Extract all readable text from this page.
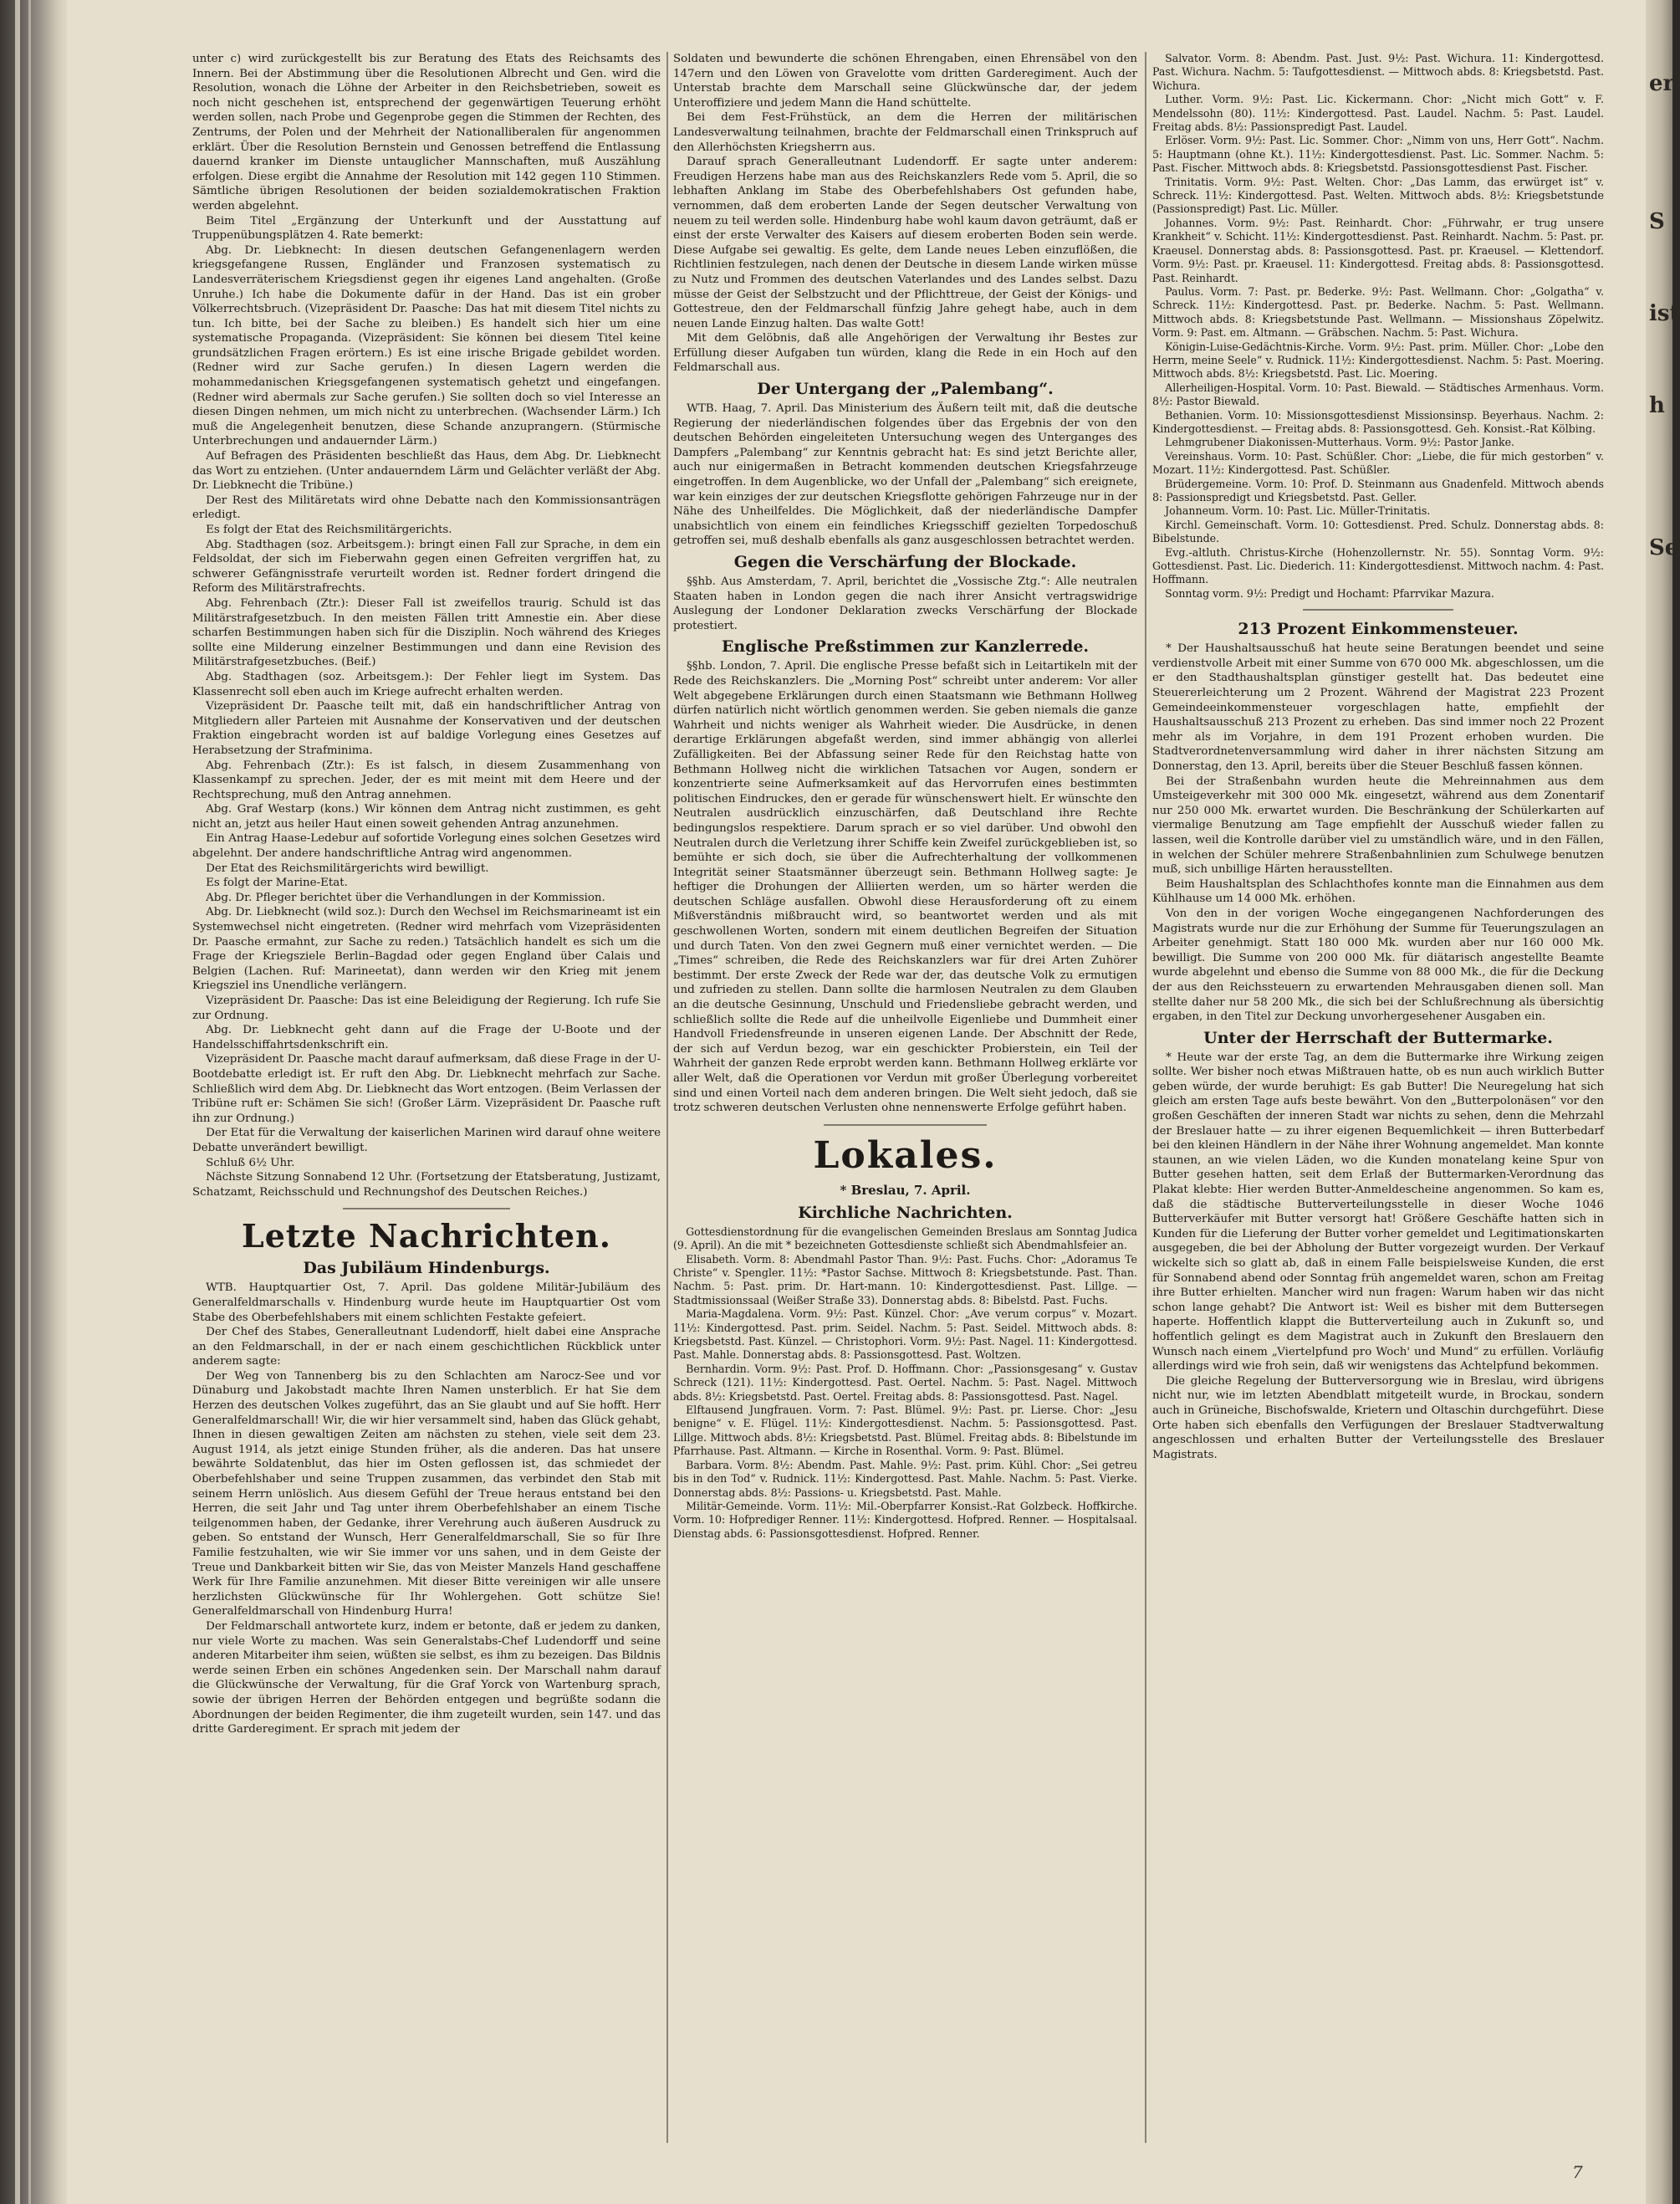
er
S
ist
h
Se

unter c) wird zurückgestellt bis zur Beratung des Etats des Reichsamts des Innern. Bei der Abstimmung über die Resolutionen Albrecht und Gen. wird die Resolution, wonach die Löhne der Arbeiter in den Reichsbetrieben, soweit es noch nicht geschehen ist, entsprechend der gegenwärtigen Teuerung erhöht werden sollen, nach Probe und Gegenprobe gegen die Stimmen der Rechten, des Zentrums, der Polen und der Mehrheit der Nationalliberalen für angenommen erklärt. Über die Resolution Bernstein und Genossen betreffend die Entlassung dauernd kranker im Dienste untauglicher Mannschaften, muß Auszählung erfolgen. Diese ergibt die Annahme der Resolution mit 142 gegen 110 Stimmen. Sämtliche übrigen Resolutionen der beiden sozialdemokratischen Fraktion werden abgelehnt.

Beim Titel „Ergänzung der Unterkunft und der Ausstattung auf Truppenübungsplätzen 4. Rate bemerkt:

Abg. Dr. Liebknecht: In diesen deutschen Gefangenenlagern werden kriegsgefangene Russen, Engländer und Franzosen systematisch zu Landesverräterischem Kriegsdienst gegen ihr eigenes Land angehalten. (Große Unruhe.) Ich habe die Dokumente dafür in der Hand. Das ist ein grober Völkerrechtsbruch. (Vizepräsident Dr. Paasche: Das hat mit diesem Titel nichts zu tun. Ich bitte, bei der Sache zu bleiben.) Es handelt sich hier um eine systematische Propaganda. (Vizepräsident: Sie können bei diesem Titel keine grundsätzlichen Fragen erörtern.) Es ist eine irische Brigade gebildet worden. (Redner wird zur Sache gerufen.) In diesen Lagern werden die mohammedanischen Kriegsgefangenen systematisch gehetzt und eingefangen. (Redner wird abermals zur Sache gerufen.) Sie sollten doch so viel Interesse an diesen Dingen nehmen, um mich nicht zu unterbrechen. (Wachsender Lärm.) Ich muß die Angelegenheit benutzen, diese Schande anzuprangern. (Stürmische Unterbrechungen und andauernder Lärm.)

Auf Befragen des Präsidenten beschließt das Haus, dem Abg. Dr. Liebknecht das Wort zu entziehen. (Unter andauerndem Lärm und Gelächter verläßt der Abg. Dr. Liebknecht die Tribüne.)

Der Rest des Militäretats wird ohne Debatte nach den Kommissionsanträgen erledigt.

Es folgt der Etat des Reichsmilitärgerichts.

Abg. Stadthagen (soz. Arbeitsgem.): bringt einen Fall zur Sprache, in dem ein Feldsoldat, der sich im Fieberwahn gegen einen Gefreiten vergriffen hat, zu schwerer Gefängnisstrafe verurteilt worden ist. Redner fordert dringend die Reform des Militärstrafrechts.

Abg. Fehrenbach (Ztr.): Dieser Fall ist zweifellos traurig. Schuld ist das Militärstrafgesetzbuch. In den meisten Fällen tritt Amnestie ein. Aber diese scharfen Bestimmungen haben sich für die Disziplin. Noch während des Krieges sollte eine Milderung einzelner Bestimmungen und dann eine Revision des Militärstrafgesetzbuches. (Beif.)

Abg. Stadthagen (soz. Arbeitsgem.): Der Fehler liegt im System. Das Klassenrecht soll eben auch im Kriege aufrecht erhalten werden.

Vizepräsident Dr. Paasche teilt mit, daß ein handschriftlicher Antrag von Mitgliedern aller Parteien mit Ausnahme der Konservativen und der deutschen Fraktion eingebracht worden ist auf baldige Vorlegung eines Gesetzes auf Herabsetzung der Strafminima.

Abg. Fehrenbach (Ztr.): Es ist falsch, in diesem Zusammenhang von Klassenkampf zu sprechen. Jeder, der es mit meint mit dem Heere und der Rechtsprechung, muß den Antrag annehmen.

Abg. Graf Westarp (kons.) Wir können dem Antrag nicht zustimmen, es geht nicht an, jetzt aus heiler Haut einen soweit gehenden Antrag anzunehmen.

Ein Antrag Haase-Ledebur auf sofortide Vorlegung eines solchen Gesetzes wird abgelehnt. Der andere handschriftliche Antrag wird angenommen.

Der Etat des Reichsmilitärgerichts wird bewilligt.

Es folgt der Marine-Etat.

Abg. Dr. Pfleger berichtet über die Verhandlungen in der Kommission.

Abg. Dr. Liebknecht (wild soz.): Durch den Wechsel im Reichsmarineamt ist ein Systemwechsel nicht eingetreten. (Redner wird mehrfach vom Vizepräsidenten Dr. Paasche ermahnt, zur Sache zu reden.) Tatsächlich handelt es sich um die Frage der Kriegsziele Berlin–Bagdad oder gegen England über Calais und Belgien (Lachen. Ruf: Marineetat), dann werden wir den Krieg mit jenem Kriegsziel ins Unendliche verlängern.

Vizepräsident Dr. Paasche: Das ist eine Beleidigung der Regierung. Ich rufe Sie zur Ordnung.

Abg. Dr. Liebknecht geht dann auf die Frage der U-Boote und der Handelsschiffahrtsdenkschrift ein.

Vizepräsident Dr. Paasche macht darauf aufmerksam, daß diese Frage in der U-Bootdebatte erledigt ist. Er ruft den Abg. Dr. Liebknecht mehrfach zur Sache. Schließlich wird dem Abg. Dr. Liebknecht das Wort entzogen. (Beim Verlassen der Tribüne ruft er: Schämen Sie sich! (Großer Lärm. Vizepräsident Dr. Paasche ruft ihn zur Ordnung.)

Der Etat für die Verwaltung der kaiserlichen Marinen wird darauf ohne weitere Debatte unverändert bewilligt.

Schluß 6½ Uhr.

Nächste Sitzung Sonnabend 12 Uhr. (Fortsetzung der Etatsberatung, Justizamt, Schatzamt, Reichsschuld und Rechnungshof des Deutschen Reiches.)

Letzte Nachrichten.
Das Jubiläum Hindenburgs.

WTB. Hauptquartier Ost, 7. April. Das goldene Militär-Jubiläum des Generalfeldmarschalls v. Hindenburg wurde heute im Hauptquartier Ost vom Stabe des Oberbefehlshabers mit einem schlichten Festakte gefeiert.

Der Chef des Stabes, Generalleutnant Ludendorff, hielt dabei eine Ansprache an den Feldmarschall, in der er nach einem geschichtlichen Rückblick unter anderem sagte:

Der Weg von Tannenberg bis zu den Schlachten am Narocz-See und vor Dünaburg und Jakobstadt machte Ihren Namen unsterblich. Er hat Sie dem Herzen des deutschen Volkes zugeführt, das an Sie glaubt und auf Sie hofft. Herr Generalfeldmarschall! Wir, die wir hier versammelt sind, haben das Glück gehabt, Ihnen in diesen gewaltigen Zeiten am nächsten zu stehen, viele seit dem 23. August 1914, als jetzt einige Stunden früher, als die anderen. Das hat unsere bewährte Soldatenblut, das hier im Osten geflossen ist, das schmiedet der Oberbefehlshaber und seine Truppen zusammen, das verbindet den Stab mit seinem Herrn unlöslich. Aus diesem Gefühl der Treue heraus entstand bei den Herren, die seit Jahr und Tag unter ihrem Oberbefehlshaber an einem Tische teilgenommen haben, der Gedanke, ihrer Verehrung auch äußeren Ausdruck zu geben. So entstand der Wunsch, Herr Generalfeldmarschall, Sie so für Ihre Familie festzuhalten, wie wir Sie immer vor uns sahen, und in dem Geiste der Treue und Dankbarkeit bitten wir Sie, das von Meister Manzels Hand geschaffene Werk für Ihre Familie anzunehmen. Mit dieser Bitte vereinigen wir alle unsere herzlichsten Glückwünsche für Ihr Wohlergehen. Gott schütze Sie! Generalfeldmarschall von Hindenburg Hurra!

Der Feldmarschall antwortete kurz, indem er betonte, daß er jedem zu danken, nur viele Worte zu machen. Was sein Generalstabs-Chef Ludendorff und seine anderen Mitarbeiter ihm seien, wüßten sie selbst, es ihm zu bezeigen. Das Bildnis werde seinen Erben ein schönes Angedenken sein. Der Marschall nahm darauf die Glückwünsche der Verwaltung, für die Graf Yorck von Wartenburg sprach, sowie der übrigen Herren der Behörden entgegen und begrüßte sodann die Abordnungen der beiden Regimenter, die ihm zugeteilt wurden, sein 147. und das dritte Garderegiment. Er sprach mit jedem der

Soldaten und bewunderte die schönen Ehrengaben, einen Ehrensäbel von den 147ern und den Löwen von Gravelotte vom dritten Garderegiment. Auch der Unterstab brachte dem Marschall seine Glückwünsche dar, der jedem Unteroffiziere und jedem Mann die Hand schüttelte.

Bei dem Fest-Frühstück, an dem die Herren der militärischen Landesverwaltung teilnahmen, brachte der Feldmarschall einen Trinkspruch auf den Allerhöchsten Kriegsherrn aus.

Darauf sprach Generalleutnant Ludendorff. Er sagte unter anderem: Freudigen Herzens habe man aus des Reichskanzlers Rede vom 5. April, die so lebhaften Anklang im Stabe des Oberbefehlshabers Ost gefunden habe, vernommen, daß dem eroberten Lande der Segen deutscher Verwaltung von neuem zu teil werden solle. Hindenburg habe wohl kaum davon geträumt, daß er einst der erste Verwalter des Kaisers auf diesem eroberten Boden sein werde. Diese Aufgabe sei gewaltig. Es gelte, dem Lande neues Leben einzuflößen, die Richtlinien festzulegen, nach denen der Deutsche in diesem Lande wirken müsse zu Nutz und Frommen des deutschen Vaterlandes und des Landes selbst. Dazu müsse der Geist der Selbstzucht und der Pflichttreue, der Geist der Königs- und Gottestreue, den der Feldmarschall fünfzig Jahre gehegt habe, auch in dem neuen Lande Einzug halten. Das walte Gott!

Mit dem Gelöbnis, daß alle Angehörigen der Verwaltung ihr Bestes zur Erfüllung dieser Aufgaben tun würden, klang die Rede in ein Hoch auf den Feldmarschall aus.

Der Untergang der „Palembang“.

WTB. Haag, 7. April. Das Ministerium des Äußern teilt mit, daß die deutsche Regierung der niederländischen folgendes über das Ergebnis der von den deutschen Behörden eingeleiteten Untersuchung wegen des Unterganges des Dampfers „Palembang“ zur Kenntnis gebracht hat: Es sind jetzt Berichte aller, auch nur einigermaßen in Betracht kommenden deutschen Kriegsfahrzeuge eingetroffen. In dem Augenblicke, wo der Unfall der „Palembang“ sich ereignete, war kein einziges der zur deutschen Kriegsflotte gehörigen Fahrzeuge nur in der Nähe des Unheilfeldes. Die Möglichkeit, daß der niederländische Dampfer unabsichtlich von einem ein feindliches Kriegsschiff gezielten Torpedoschuß getroffen sei, muß deshalb ebenfalls als ganz ausgeschlossen betrachtet werden.

Gegen die Verschärfung der Blockade.

§§hb. Aus Amsterdam, 7. April, berichtet die „Vossische Ztg.“: Alle neutralen Staaten haben in London gegen die nach ihrer Ansicht vertragswidrige Auslegung der Londoner Deklaration zwecks Verschärfung der Blockade protestiert.

Englische Preßstimmen zur Kanzlerrede.

§§hb. London, 7. April. Die englische Presse befaßt sich in Leitartikeln mit der Rede des Reichskanzlers. Die „Morning Post“ schreibt unter anderem: Vor aller Welt abgegebene Erklärungen durch einen Staatsmann wie Bethmann Hollweg dürfen natürlich nicht wörtlich genommen werden. Sie geben niemals die ganze Wahrheit und nichts weniger als Wahrheit wieder. Die Ausdrücke, in denen derartige Erklärungen abgefaßt werden, sind immer abhängig von allerlei Zufälligkeiten. Bei der Abfassung seiner Rede für den Reichstag hatte von Bethmann Hollweg nicht die wirklichen Tatsachen vor Augen, sondern er konzentrierte seine Aufmerksamkeit auf das Hervorrufen eines bestimmten politischen Eindruckes, den er gerade für wünschenswert hielt. Er wünschte den Neutralen ausdrücklich einzuschärfen, daß Deutschland ihre Rechte bedingungslos respektiere. Darum sprach er so viel darüber. Und obwohl den Neutralen durch die Verletzung ihrer Schiffe kein Zweifel zurückgeblieben ist, so bemühte er sich doch, sie über die Aufrechterhaltung der vollkommenen Integrität seiner Staatsmänner überzeugt sein. Bethmann Hollweg sagte: Je heftiger die Drohungen der Alliierten werden, um so härter werden die deutschen Schläge ausfallen. Obwohl diese Herausforderung oft zu einem Mißverständnis mißbraucht wird, so beantwortet werden und als mit geschwollenen Worten, sondern mit einem deutlichen Begreifen der Situation und durch Taten. Von den zwei Gegnern muß einer vernichtet werden. — Die „Times“ schreiben, die Rede des Reichskanzlers war für drei Arten Zuhörer bestimmt. Der erste Zweck der Rede war der, das deutsche Volk zu ermutigen und zufrieden zu stellen. Dann sollte die harmlosen Neutralen zu dem Glauben an die deutsche Gesinnung, Unschuld und Friedensliebe gebracht werden, und schließlich sollte die Rede auf die unheilvolle Eigenliebe und Dummheit einer Handvoll Friedensfreunde in unseren eigenen Lande. Der Abschnitt der Rede, der sich auf Verdun bezog, war ein geschickter Probierstein, ein Teil der Wahrheit der ganzen Rede erprobt werden kann. Bethmann Hollweg erklärte vor aller Welt, daß die Operationen vor Verdun mit großer Überlegung vorbereitet sind und einen Vorteil nach dem anderen bringen. Die Welt sieht jedoch, daß sie trotz schweren deutschen Verlusten ohne nennenswerte Erfolge geführt haben.

Lokales.
* Breslau, 7. April.
Kirchliche Nachrichten.

Gottesdienstordnung für die evangelischen Gemeinden Breslaus am Sonntag Judica (9. April). An die mit * bezeichneten Gottesdienste schließt sich Abendmahlsfeier an.

Elisabeth. Vorm. 8: Abendmahl Pastor Than. 9½: Past. Fuchs. Chor: „Adoramus Te Christe“ v. Spengler. 11½: *Pastor Sachse. Mittwoch 8: Kriegsbetstunde. Past. Than. Nachm. 5: Past. prim. Dr. Hart-mann. 10: Kindergottesdienst. Past. Lillge. — Stadtmissionssaal (Weißer Straße 33). Donnerstag abds. 8: Bibelstd. Past. Fuchs.

Maria-Magdalena. Vorm. 9½: Past. Künzel. Chor: „Ave verum corpus“ v. Mozart. 11½: Kindergottesd. Past. prim. Seidel. Nachm. 5: Past. Seidel. Mittwoch abds. 8: Kriegsbetstd. Past. Künzel. — Christophori. Vorm. 9½: Past. Nagel. 11: Kindergottesd. Past. Mahle. Donnerstag abds. 8: Passionsgottesd. Past. Woltzen.

Bernhardin. Vorm. 9½: Past. Prof. D. Hoffmann. Chor: „Passionsgesang“ v. Gustav Schreck (121). 11½: Kindergottesd. Past. Oertel. Nachm. 5: Past. Nagel. Mittwoch abds. 8½: Kriegsbetstd. Past. Oertel. Freitag abds. 8: Passionsgottesd. Past. Nagel.

Elftausend Jungfrauen. Vorm. 7: Past. Blümel. 9½: Past. pr. Lierse. Chor: „Jesu benigne“ v. E. Flügel. 11½: Kindergottesdienst. Nachm. 5: Passionsgottesd. Past. Lillge. Mittwoch abds. 8½: Kriegsbetstd. Past. Blümel. Freitag abds. 8: Bibelstunde im Pfarrhause. Past. Altmann. — Kirche in Rosenthal. Vorm. 9: Past. Blümel.

Barbara. Vorm. 8½: Abendm. Past. Mahle. 9½: Past. prim. Kühl. Chor: „Sei getreu bis in den Tod“ v. Rudnick. 11½: Kindergottesd. Past. Mahle. Nachm. 5: Past. Vierke. Donnerstag abds. 8½: Passions- u. Kriegsbetstd. Past. Mahle.

Militär-Gemeinde. Vorm. 11½: Mil.-Oberpfarrer Konsist.-Rat Golzbeck. Hoffkirche. Vorm. 10: Hofprediger Renner. 11½: Kindergottesd. Hofpred. Renner. — Hospitalsaal. Dienstag abds. 6: Passionsgottesdienst. Hofpred. Renner.

Salvator. Vorm. 8: Abendm. Past. Just. 9½: Past. Wichura. 11: Kindergottesd. Past. Wichura. Nachm. 5: Taufgottesdienst. — Mittwoch abds. 8: Kriegsbetstd. Past. Wichura.

Luther. Vorm. 9½: Past. Lic. Kickermann. Chor: „Nicht mich Gott“ v. F. Mendelssohn (80). 11½: Kindergottesd. Past. Laudel. Nachm. 5: Past. Laudel. Freitag abds. 8½: Passionspredigt Past. Laudel.

Erlöser. Vorm. 9½: Past. Lic. Sommer. Chor: „Nimm von uns, Herr Gott“. Nachm. 5: Hauptmann (ohne Kt.). 11½: Kindergottesdienst. Past. Lic. Sommer. Nachm. 5: Past. Fischer. Mittwoch abds. 8: Kriegsbetstd. Passionsgottesdienst Past. Fischer.

Trinitatis. Vorm. 9½: Past. Welten. Chor: „Das Lamm, das erwürget ist“ v. Schreck. 11½: Kindergottesd. Past. Welten. Mittwoch abds. 8½: Kriegsbetstunde (Passionspredigt) Past. Lic. Müller.

Johannes. Vorm. 9½: Past. Reinhardt. Chor: „Führwahr, er trug unsere Krankheit“ v. Schicht. 11½: Kindergottesdienst. Past. Reinhardt. Nachm. 5: Past. pr. Kraeusel. Donnerstag abds. 8: Passionsgottesd. Past. pr. Kraeusel. — Klettendorf. Vorm. 9½: Past. pr. Kraeusel. 11: Kindergottesd. Freitag abds. 8: Passionsgottesd. Past. Reinhardt.

Paulus. Vorm. 7: Past. pr. Bederke. 9½: Past. Wellmann. Chor: „Golgatha“ v. Schreck. 11½: Kindergottesd. Past. pr. Bederke. Nachm. 5: Past. Wellmann. Mittwoch abds. 8: Kriegsbetstunde Past. Wellmann. — Missionshaus Zöpelwitz. Vorm. 9: Past. em. Altmann. — Gräbschen. Nachm. 5: Past. Wichura.

Königin-Luise-Gedächtnis-Kirche. Vorm. 9½: Past. prim. Müller. Chor: „Lobe den Herrn, meine Seele“ v. Rudnick. 11½: Kindergottesdienst. Nachm. 5: Past. Moering. Mittwoch abds. 8½: Kriegsbetstd. Past. Lic. Moering.

Allerheiligen-Hospital. Vorm. 10: Past. Biewald. — Städtisches Armenhaus. Vorm. 8½: Pastor Biewald.

Bethanien. Vorm. 10: Missionsgottesdienst Missionsinsp. Beyerhaus. Nachm. 2: Kindergottesdienst. — Freitag abds. 8: Passionsgottesd. Geh. Konsist.-Rat Kölbing.

Lehmgrubener Diakonissen-Mutterhaus. Vorm. 9½: Pastor Janke.

Vereinshaus. Vorm. 10: Past. Schüßler. Chor: „Liebe, die für mich gestorben“ v. Mozart. 11½: Kindergottesd. Past. Schüßler.

Brüdergemeine. Vorm. 10: Prof. D. Steinmann aus Gnadenfeld. Mittwoch abends 8: Passionspredigt und Kriegsbetstd. Past. Geller.

Johanneum. Vorm. 10: Past. Lic. Müller-Trinitatis.

Kirchl. Gemeinschaft. Vorm. 10: Gottesdienst. Pred. Schulz. Donnerstag abds. 8: Bibelstunde.

Evg.-altluth. Christus-Kirche (Hohenzollernstr. Nr. 55). Sonntag Vorm. 9½: Gottesdienst. Past. Lic. Diederich. 11: Kindergottesdienst. Mittwoch nachm. 4: Past. Hoffmann.

Sonntag vorm. 9½: Predigt und Hochamt: Pfarrvikar Mazura.

213 Prozent Einkommensteuer.

* Der Haushaltsausschuß hat heute seine Beratungen beendet und seine verdienstvolle Arbeit mit einer Summe von 670 000 Mk. abgeschlossen, um die er den Stadthaushaltsplan günstiger gestellt hat. Das bedeutet eine Steuererleichterung um 2 Prozent. Während der Magistrat 223 Prozent Gemeindeeinkommensteuer vorgeschlagen hatte, empfiehlt der Haushaltsausschuß 213 Prozent zu erheben. Das sind immer noch 22 Prozent mehr als im Vorjahre, in dem 191 Prozent erhoben wurden. Die Stadtverordnetenversammlung wird daher in ihrer nächsten Sitzung am Donnerstag, den 13. April, bereits über die Steuer Beschluß fassen können.

Bei der Straßenbahn wurden heute die Mehreinnahmen aus dem Umsteigeverkehr mit 300 000 Mk. eingesetzt, während aus dem Zonentarif nur 250 000 Mk. erwartet wurden. Die Beschränkung der Schülerkarten auf viermalige Benutzung am Tage empfiehlt der Ausschuß wieder fallen zu lassen, weil die Kontrolle darüber viel zu umständlich wäre, und in den Fällen, in welchen der Schüler mehrere Straßenbahnlinien zum Schulwege benutzen muß, sich unbillige Härten herausstellten.

Beim Haushaltsplan des Schlachthofes konnte man die Einnahmen aus dem Kühlhause um 14 000 Mk. erhöhen.

Von den in der vorigen Woche eingegangenen Nachforderungen des Magistrats wurde nur die zur Erhöhung der Summe für Teuerungszulagen an Arbeiter genehmigt. Statt 180 000 Mk. wurden aber nur 160 000 Mk. bewilligt. Die Summe von 200 000 Mk. für diätarisch angestellte Beamte wurde abgelehnt und ebenso die Summe von 88 000 Mk., die für die Deckung der aus den Reichssteuern zu erwartenden Mehrausgaben dienen soll. Man stellte daher nur 58 200 Mk., die sich bei der Schlußrechnung als übersichtig ergaben, in den Titel zur Deckung unvorhergesehener Ausgaben ein.

Unter der Herrschaft der Buttermarke.

* Heute war der erste Tag, an dem die Buttermarke ihre Wirkung zeigen sollte. Wer bisher noch etwas Mißtrauen hatte, ob es nun auch wirklich Butter geben würde, der wurde beruhigt: Es gab Butter! Die Neuregelung hat sich gleich am ersten Tage aufs beste bewährt. Von den „Butterpolonäsen“ vor den großen Geschäften der inneren Stadt war nichts zu sehen, denn die Mehrzahl der Breslauer hatte — zu ihrer eigenen Bequemlichkeit — ihren Butterbedarf bei den kleinen Händlern in der Nähe ihrer Wohnung angemeldet. Man konnte staunen, an wie vielen Läden, wo die Kunden monatelang keine Spur von Butter gesehen hatten, seit dem Erlaß der Buttermarken-Verordnung das Plakat klebte: Hier werden Butter-Anmeldescheine angenommen. So kam es, daß die städtische Butterverteilungsstelle in dieser Woche 1046 Butterverkäufer mit Butter versorgt hat! Größere Geschäfte hatten sich in Kunden für die Lieferung der Butter vorher gemeldet und Legitimationskarten ausgegeben, die bei der Abholung der Butter vorgezeigt wurden. Der Verkauf wickelte sich so glatt ab, daß in einem Falle beispielsweise Kunden, die erst für Sonnabend abend oder Sonntag früh angemeldet waren, schon am Freitag ihre Butter erhielten. Mancher wird nun fragen: Warum haben wir das nicht schon lange gehabt? Die Antwort ist: Weil es bisher mit dem Buttersegen haperte. Hoffentlich klappt die Butterverteilung auch in Zukunft so, und hoffentlich gelingt es dem Magistrat auch in Zukunft den Breslauern den Wunsch nach einem „Viertelpfund pro Woch' und Mund“ zu erfüllen. Vorläufig allerdings wird wie froh sein, daß wir wenigstens das Achtelpfund bekommen.

Die gleiche Regelung der Butterversorgung wie in Breslau, wird übrigens nicht nur, wie im letzten Abendblatt mitgeteilt wurde, in Brockau, sondern auch in Grüneiche, Bischofswalde, Krietern und Oltaschin durchgeführt. Diese Orte haben sich ebenfalls den Verfügungen der Breslauer Stadtverwaltung angeschlossen und erhalten Butter der Verteilungsstelle des Breslauer Magistrats.

7
